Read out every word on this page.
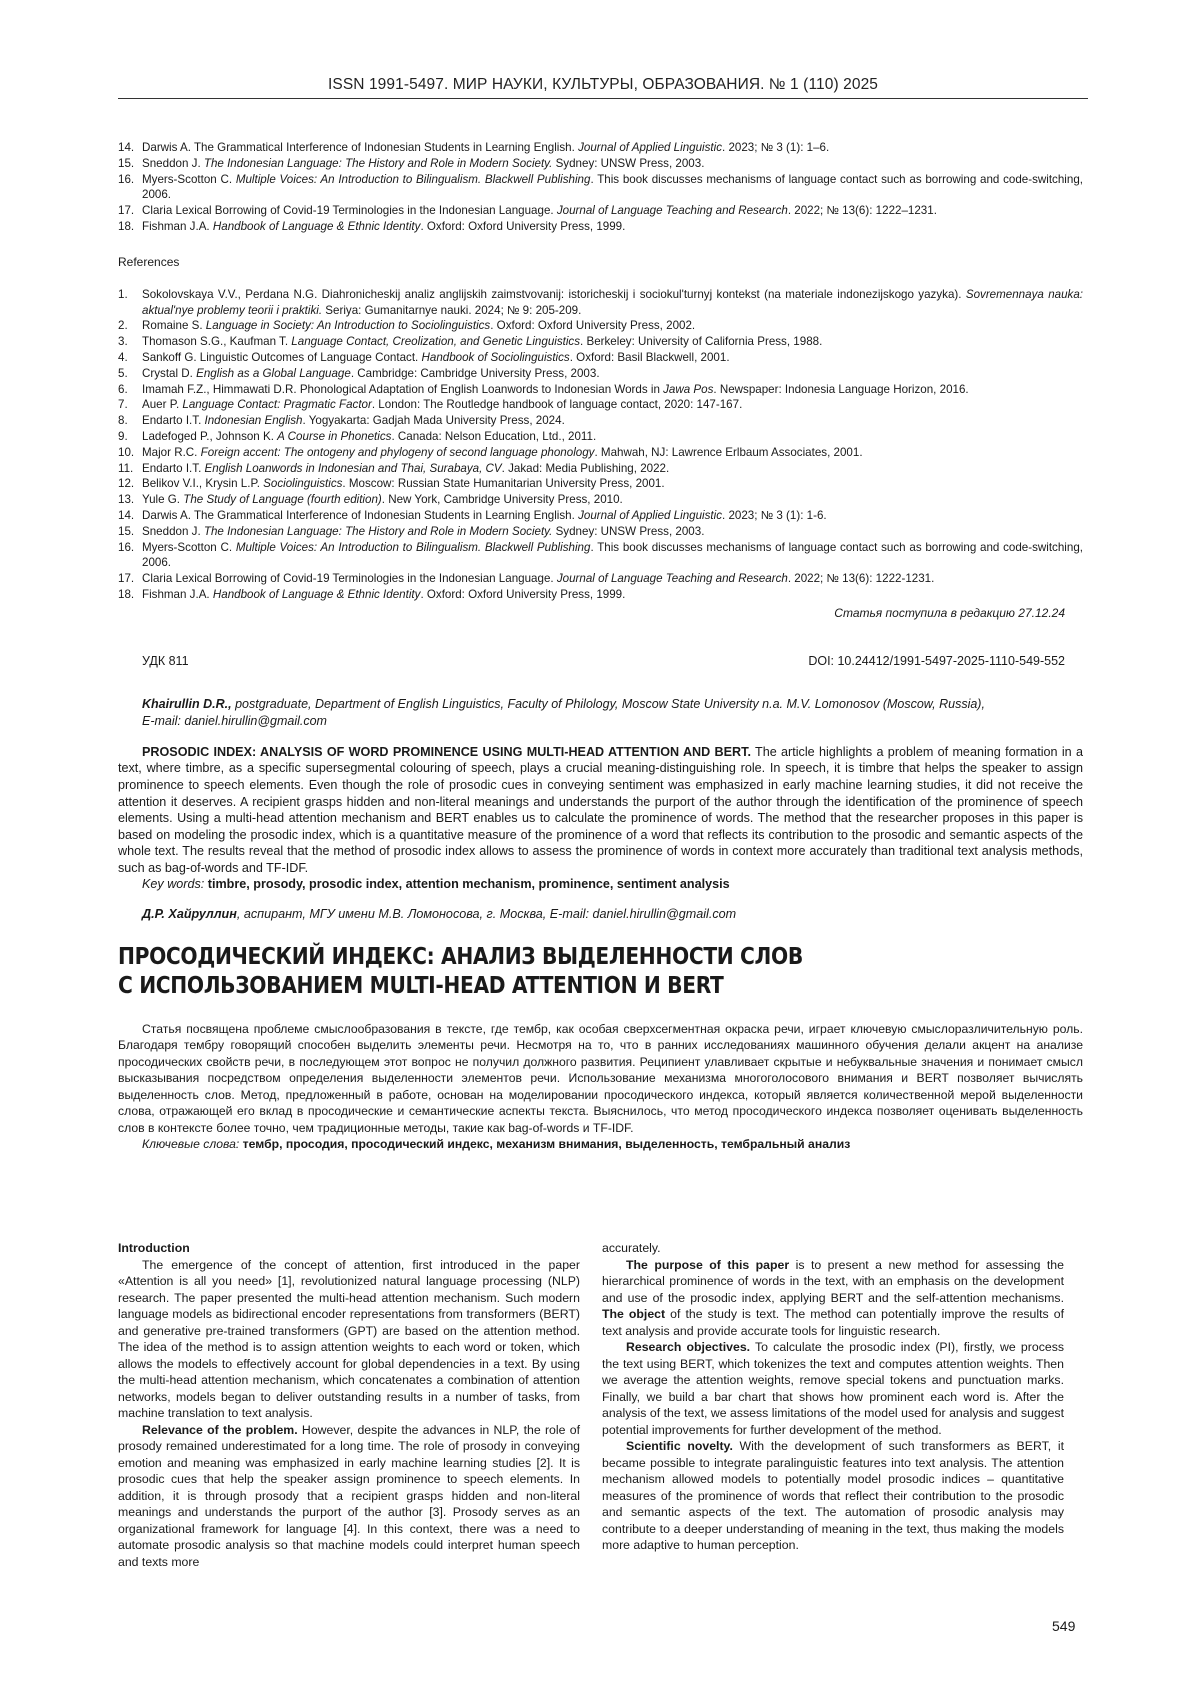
ISSN 1991-5497. МИР НАУКИ, КУЛЬТУРЫ, ОБРАЗОВАНИЯ. № 1 (110) 2025
14. Darwis A. The Grammatical Interference of Indonesian Students in Learning English. Journal of Applied Linguistic. 2023; № 3 (1): 1–6.
15. Sneddon J. The Indonesian Language: The History and Role in Modern Society. Sydney: UNSW Press, 2003.
16. Myers-Scotton C. Multiple Voices: An Introduction to Bilingualism. Blackwell Publishing. This book discusses mechanisms of language contact such as borrowing and code-switching, 2006.
17. Claria Lexical Borrowing of Covid-19 Terminologies in the Indonesian Language. Journal of Language Teaching and Research. 2022; № 13(6): 1222–1231.
18. Fishman J.A. Handbook of Language & Ethnic Identity. Oxford: Oxford University Press, 1999.
References
1. Sokolovskaya V.V., Perdana N.G. Diahronicheskij analiz anglijskih zaimstvovanij: istoricheskij i sociokul'turnyj kontekst (na materiale indonezijskogo yazyka). Sovremennaya nauka: aktual'nye problemy teorii i praktiki. Seriya: Gumanitarnye nauki. 2024; № 9: 205-209.
2. Romaine S. Language in Society: An Introduction to Sociolinguistics. Oxford: Oxford University Press, 2002.
3. Thomason S.G., Kaufman T. Language Contact, Creolization, and Genetic Linguistics. Berkeley: University of California Press, 1988.
4. Sankoff G. Linguistic Outcomes of Language Contact. Handbook of Sociolinguistics. Oxford: Basil Blackwell, 2001.
5. Crystal D. English as a Global Language. Cambridge: Cambridge University Press, 2003.
6. Imamah F.Z., Himmawati D.R. Phonological Adaptation of English Loanwords to Indonesian Words in Jawa Pos. Newspaper: Indonesia Language Horizon, 2016.
7. Auer P. Language Contact: Pragmatic Factor. London: The Routledge handbook of language contact, 2020: 147-167.
8. Endarto I.T. Indonesian English. Yogyakarta: Gadjah Mada University Press, 2024.
9. Ladefoged P., Johnson K. A Course in Phonetics. Canada: Nelson Education, Ltd., 2011.
10. Major R.C. Foreign accent: The ontogeny and phylogeny of second language phonology. Mahwah, NJ: Lawrence Erlbaum Associates, 2001.
11. Endarto I.T. English Loanwords in Indonesian and Thai, Surabaya, CV. Jakad: Media Publishing, 2022.
12. Belikov V.I., Krysin L.P. Sociolinguistics. Moscow: Russian State Humanitarian University Press, 2001.
13. Yule G. The Study of Language (fourth edition). New York, Cambridge University Press, 2010.
14. Darwis A. The Grammatical Interference of Indonesian Students in Learning English. Journal of Applied Linguistic. 2023; № 3 (1): 1-6.
15. Sneddon J. The Indonesian Language: The History and Role in Modern Society. Sydney: UNSW Press, 2003.
16. Myers-Scotton C. Multiple Voices: An Introduction to Bilingualism. Blackwell Publishing. This book discusses mechanisms of language contact such as borrowing and code-switching, 2006.
17. Claria Lexical Borrowing of Covid-19 Terminologies in the Indonesian Language. Journal of Language Teaching and Research. 2022; № 13(6): 1222-1231.
18. Fishman J.A. Handbook of Language & Ethnic Identity. Oxford: Oxford University Press, 1999.
Статья поступила в редакцию 27.12.24
УДК 811	DOI: 10.24412/1991-5497-2025-1110-549-552
Khairullin D.R., postgraduate, Department of English Linguistics, Faculty of Philology, Moscow State University n.a. M.V. Lomonosov (Moscow, Russia),
E-mail: daniel.hirullin@gmail.com
PROSODIC INDEX: ANALYSIS OF WORD PROMINENCE USING MULTI-HEAD ATTENTION AND BERT. The article highlights a problem of meaning formation in a text, where timbre, as a specific supersegmental colouring of speech, plays a crucial meaning-distinguishing role. In speech, it is timbre that helps the speaker to assign prominence to speech elements. Even though the role of prosodic cues in conveying sentiment was emphasized in early machine learning studies, it did not receive the attention it deserves. A recipient grasps hidden and non-literal meanings and understands the purport of the author through the identification of the prominence of speech elements. Using a multi-head attention mechanism and BERT enables us to calculate the prominence of words. The method that the researcher proposes in this paper is based on modeling the prosodic index, which is a quantitative measure of the prominence of a word that reflects its contribution to the prosodic and semantic aspects of the whole text. The results reveal that the method of prosodic index allows to assess the prominence of words in context more accurately than traditional text analysis methods, such as bag-of-words and TF-IDF.
Key words: timbre, prosody, prosodic index, attention mechanism, prominence, sentiment analysis
Д.Р. Хайруллин, аспирант, МГУ имени М.В. Ломоносова, г. Москва, E-mail: daniel.hirullin@gmail.com
ПРОСОДИЧЕСКИЙ ИНДЕКС: АНАЛИЗ ВЫДЕЛЕННОСТИ СЛОВ
С ИСПОЛЬЗОВАНИЕМ MULTI-HEAD ATTENTION И BERT
Статья посвящена проблеме смыслообразования в тексте, где тембр, как особая сверхсегментная окраска речи, играет ключевую смыслоразличительную роль. Благодаря тембру говорящий способен выделить элементы речи. Несмотря на то, что в ранних исследованиях машинного обучения делали акцент на анализе просодических свойств речи, в последующем этот вопрос не получил должного развития. Реципиент улавливает скрытые и небуквальные значения и понимает смысл высказывания посредством определения выделенности элементов речи. Использование механизма многоголосового внимания и BERT позволяет вычислять выделенность слов. Метод, предложенный в работе, основан на моделировании просодического индекса, который является количественной мерой выделенности слова, отражающей его вклад в просодические и семантические аспекты текста. Выяснилось, что метод просодического индекса позволяет оценивать выделенность слов в контексте более точно, чем традиционные методы, такие как bag-of-words и TF-IDF.
Ключевые слова: тембр, просодия, просодический индекс, механизм внимания, выделенность, тембральный анализ
Introduction

The emergence of the concept of attention, first introduced in the paper «Attention is all you need» [1], revolutionized natural language processing (NLP) research. The paper presented the multi-head attention mechanism. Such modern language models as bidirectional encoder representations from transformers (BERT) and generative pre-trained transformers (GPT) are based on the attention method. The idea of the method is to assign attention weights to each word or token, which allows the models to effectively account for global dependencies in a text. By using the multi-head attention mechanism, which concatenates a combination of attention networks, models began to deliver outstanding results in a number of tasks, from machine translation to text analysis.

Relevance of the problem. However, despite the advances in NLP, the role of prosody remained underestimated for a long time. The role of prosody in conveying emotion and meaning was emphasized in early machine learning studies [2]. It is prosodic cues that help the speaker assign prominence to speech elements. In addition, it is through prosody that a recipient grasps hidden and non-literal meanings and understands the purport of the author [3]. Prosody serves as an organizational framework for language [4]. In this context, there was a need to automate prosodic analysis so that machine models could interpret human speech and texts more

accurately.

The purpose of this paper is to present a new method for assessing the hierarchical prominence of words in the text, with an emphasis on the development and use of the prosodic index, applying BERT and the self-attention mechanisms. The object of the study is text. The method can potentially improve the results of text analysis and provide accurate tools for linguistic research.

Research objectives. To calculate the prosodic index (PI), firstly, we process the text using BERT, which tokenizes the text and computes attention weights. Then we average the attention weights, remove special tokens and punctuation marks. Finally, we build a bar chart that shows how prominent each word is. After the analysis of the text, we assess limitations of the model used for analysis and suggest potential improvements for further development of the method.

Scientific novelty. With the development of such transformers as BERT, it became possible to integrate paralinguistic features into text analysis. The attention mechanism allowed models to potentially model prosodic indices – quantitative measures of the prominence of words that reflect their contribution to the prosodic and semantic aspects of the text. The automation of prosodic analysis may contribute to a deeper understanding of meaning in the text, thus making the models more adaptive to human perception.

549
